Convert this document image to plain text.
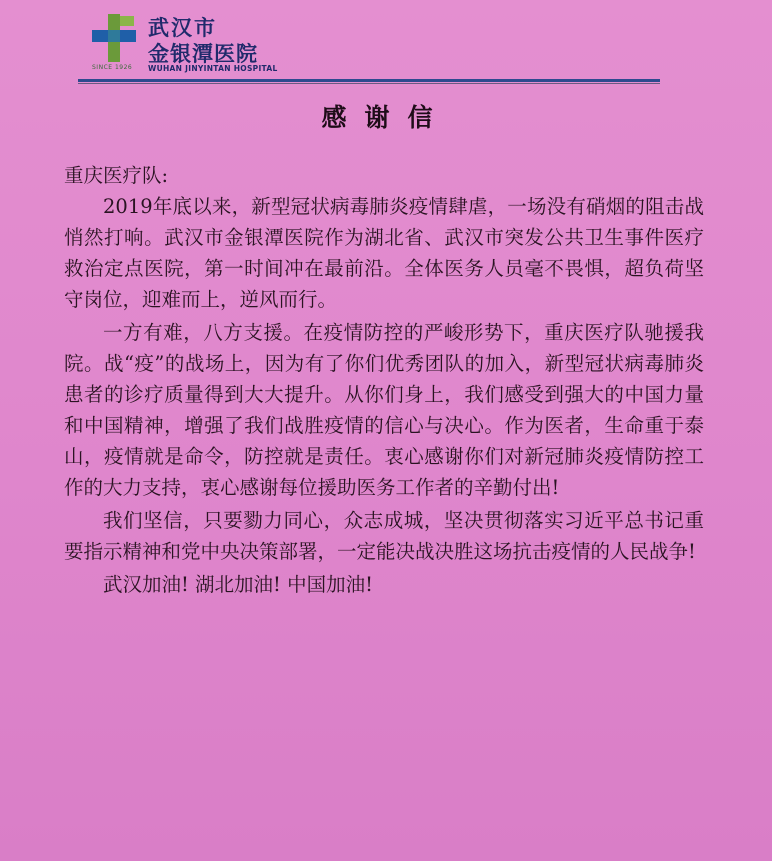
SINCE 1926
武汉市
金银潭医院
WUHAN JINYINTAN HOSPITAL
感谢信

重庆医疗队:

2019年底以来，新型冠状病毒肺炎疫情肆虐，一场没有硝烟的阻击战悄然打响。武汉市金银潭医院作为湖北省、武汉市突发公共卫生事件医疗救治定点医院，第一时间冲在最前沿。全体医务人员毫不畏惧，超负荷坚守岗位，迎难而上，逆风而行。

一方有难，八方支援。在疫情防控的严峻形势下，重庆医疗队驰援我院。战“疫”的战场上，因为有了你们优秀团队的加入，新型冠状病毒肺炎患者的诊疗质量得到大大提升。从你们身上，我们感受到强大的中国力量和中国精神，增强了我们战胜疫情的信心与决心。作为医者，生命重于泰山，疫情就是命令，防控就是责任。衷心感谢你们对新冠肺炎疫情防控工作的大力支持，衷心感谢每位援助医务工作者的辛勤付出!

我们坚信，只要勠力同心，众志成城，坚决贯彻落实习近平总书记重要指示精神和党中央决策部署，一定能决战决胜这场抗击疫情的人民战争!

武汉加油! 湖北加油! 中国加油!
